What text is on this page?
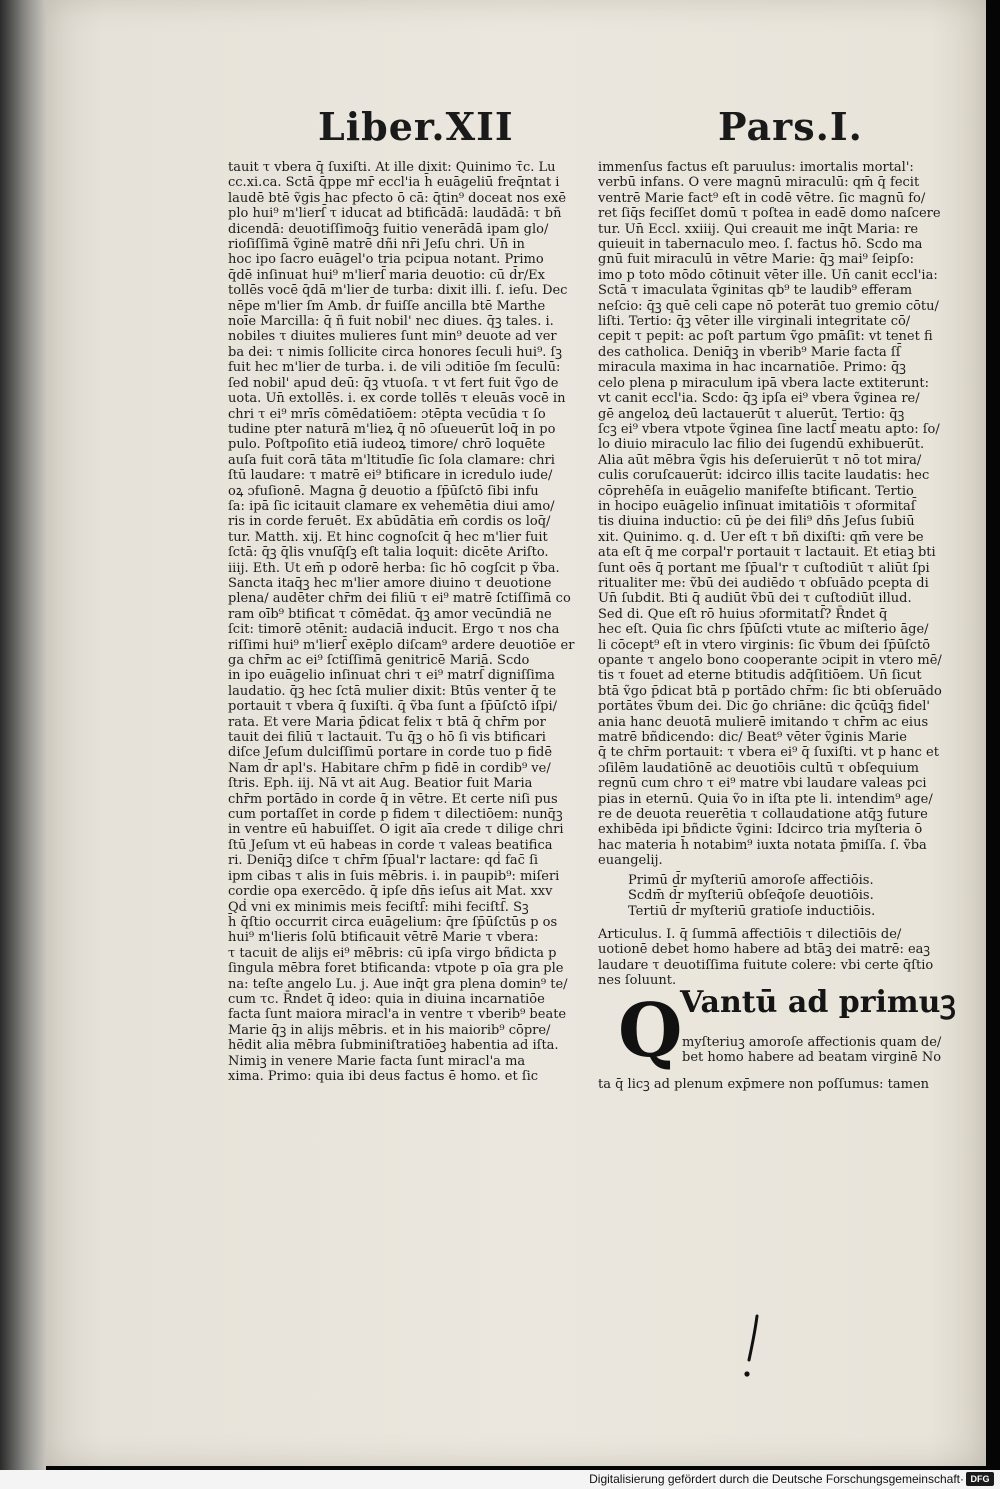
Liber.XII	Pars.I.

tauit τ vbera q̄ ſuxiſti. At ille dixit: Quinimo τ̄c. Lu

cc.xi.ca. Sctā q̄ppe mr̄ eccl'ia h̄ euāgeliū freq̄ntat i

laudē btē ṽgis hac pfecto ō cā: q̄tin⁹ doceat nos exē

plo hui⁹ m'lierſ̄ τ iducat ad btificādā: laudādā: τ bñ

dicendā: deuotiſſimoq̄ꝫ fuitio venerādā ipam glo/

rioſiſſimā ṽginē matrē dñi nr̄i Jeſu chri. Un̄ in

hoc ipo ſacro euāgel'o tria pcipua notant. Primo

q̄dē inſinuat hui⁹ m'lierſ̄ maria deuotio: cū d̄r/Ex

tollēs vocē q̄dā m'lier de turba: dixit illi. ſ. ieſu. Dec

nēpe m'lier ſm Amb. d̄r fuiſſe ancilla btē Marthe

noīe Marcilla: q̄ ñ fuit nobil' nec diues. q̄ꝫ tales. i.

nobiles τ diuites mulieres ſunt min⁹ deuote ad ver

ba dei: τ nimis ſollicite circa honores ſeculi hui⁹. ſꝫ

fuit hec m'lier de turba. i. de vili ɔditiōe ſm ſeculū:

ſed nobil' apud deū: q̄ꝫ vtuoſa. τ vt fert fuit ṽgo de

uota. Un̄ extollēs. i. ex corde tollēs τ eleuās vocē in

chri τ ei⁹ mrīs cōmēdatiōem: ɔtēpta vecūdia τ ſo

tudine pter naturā m'lieꝝ q̄ nō ɔſueuerūt loq̄ in po

pulo. Poſtpoſito etiā iudeoꝝ timore/ chrō loquēte

auſa fuit corā tāta m'ltitudīe ſic ſola clamare: chri

ſtū laudare: τ matrē ei⁹ btificare in icredulo iude/

oꝝ ɔfuſionē. Magna ḡ deuotio a ſp̄ūſctō ſibi infu

ſa: ipā ſic icitauit clamare ex vehemētia diui amo/

ris in corde feruēt. Ex abūdātia em̄ cordis os loq̄/

tur. Matth. xij. Et hinc cognoſcit q̄ hec m'lier fuit

ſctā: q̄ꝫ q̄lis vnuſq̄ſꝫ eſt talia loquit: dicēte Ariſto.

iiij. Eth. Ut em̄ p odorē herba: ſic hō cogſcit p ṽba.

Sancta itaq̄ꝫ hec m'lier amore diuino τ deuotione

plena/ audēter chr̄m dei filiū τ ei⁹ matrē ſctiſſimā co

ram oīb⁹ btificat τ cōmēdat. q̄ꝫ amor vecūndiā ne

ſcit: timorē ɔtēnit: audaciā inducit. Ergo τ nos cha

riſſimi hui⁹ m'lierſ̄ exēplo diſcam⁹ ardere deuotiōe er

ga chr̄m ac ei⁹ ſctiſſimā genitricē Mariā. Scdo

in ipo euāgelio inſinuat chri τ ei⁹ matrſ̄ digniſſima

laudatio. q̄ꝫ hec ſctā mulier dixit: Btūs venter q̄ te

portauit τ vbera q̄ ſuxiſti. q̄ ṽba ſunt a ſp̄ūſctō iſpi/

rata. Et vere Maria p̄dicat felix τ btā q̄ chr̄m por

tauit dei filiū τ lactauit. Tu q̄ꝫ o hō ſi vis btificari

diſce Jeſum dulciſſimū portare in corde tuo p fidē

Nam d̄r apl's. Habitare chr̄m p fidē in cordib⁹ ve/

ſtris. Eph. iij. Nā vt ait Aug. Beatior fuit Maria

chr̄m portādo in corde q̄ in vētre. Et certe niſi pus

cum portaſſet in corde p fidem τ dilectiōem: nunq̄ꝫ

in ventre eū habuiſſet. O igit aīa crede τ dilige chri

ſtū Jeſum vt eū habeas in corde τ valeas beatifica

ri. Deniq̄ꝫ diſce τ chr̄m ſp̄ual'r lactare: qḋ fac̄ ſi

ipm cibas τ alis in ſuis mēbris. i. in paupib⁹: miſeri

cordie opa exercēdo. q̄ ipſe dn̄s ieſus ait Mat. xxv

Qḋ vni ex minimis meis feciſtſ̄: mihi feciſtſ̄. Sꝫ

h̄ q̄ſtio occurrit circa euāgelium: q̄re ſp̄ūſctūs p os

hui⁹ m'lieris ſolū btificauit vētrē Marie τ vbera:

τ tacuit de alijs ei⁹ mēbris: cū ipſa virgo bñdicta p

ſingula mēbra foret btificanda: vtpote p oīa gra ple

na: teſte angelo Lu. j. Aue inq̄t gra plena domin⁹ te/

cum τc. R̄ndet q̄ ideo: quia in diuina incarnatiōe

facta ſunt maiora miracl'a in ventre τ vberib⁹ beate

Marie q̄ꝫ in alijs mēbris. et in his maiorib⁹ cōpre/

hēdit alia mēbra ſubminiſtratiōeꝫ habentia ad iſta.

Nimiꝫ in venere Marie facta ſunt miracl'a ma

xima. Primo: quia ibi deus factus ē homo. et ſic

immenſus factus eſt paruulus: imortalis mortal':

verbū infans. O vere magnū miraculū: qm̄ q̄ fecit

ventrē Marie fact⁹ eſt in codē vētre. ſic magnū fo/

ret ſiq̄s feciſſet domū τ poſtea in eadē domo naſcere

tur. Un̄ Eccl. xxiiij. Qui creauit me inq̄t Maria: re

quieuit in tabernaculo meo. ſ. factus hō. Scdo ma

gnū fuit miraculū in vētre Marie: q̄ꝫ mai⁹ ſeipſo:

imo p toto mōdo cōtinuit vēter ille. Un̄ canit eccl'ia:

Sctā τ imaculata ṽginitas qb⁹ te laudib⁹ efferam

neſcio: q̄ꝫ quē celi cape nō poterāt tuo gremio cōtu/

liſti. Tertio: q̄ꝫ vēter ille virginali integritate cō/

cepit τ pepit: ac poſt partum ṽgo pmāſit: vt tenet fi

des catholica. Deniq̄ꝫ in vberib⁹ Marie facta ſſ̄

miracula maxima in hac incarnatiōe. Primo: q̄ꝫ

celo plena p miraculum ipā vbera lacte extiterunt:

vt canit eccl'ia. Scdo: q̄ꝫ ipſa ei⁹ vbera ṽginea re/

gē angeloꝝ deū lactauerūt τ aluerūt. Tertio: q̄ꝫ

ſcꝫ ei⁹ vbera vtpote ṽginea ſine lactſ̄ meatu apto: ſo/

lo diuio miraculo lac filio dei ſugendū exhibuerūt.

Alia aūt mēbra ṽgis his deſeruierūt τ nō tot mira/

culis coruſcauerūt: idcirco illis tacite laudatis: hec

cōprehēſa in euāgelio manifeſte btificant. Tertio

in hocipo euāgelio inſinuat imitatiōis τ ɔformitaſ̄

tis diuina inductio: cū ṗe dei fili⁹ dn̄s Jeſus ſubiū

xit. Quinimo. q. d. Uer eſt τ bñ dixiſti: qm̄ vere be

ata eſt q̄ me corpal'r portauit τ lactauit. Et etiaꝫ bti

ſunt oēs q̄ portant me ſp̄ual'r τ cuſtodiūt τ aliūt ſpi

ritualiter me: ṽbū dei audiēdo τ obſuādo pcepta di

Un̄ ſubdit. Bti q̄ audiūt ṽbū dei τ cuſtodiūt illud.

Sed di. Que eſt rō huius ɔformitatſ̄? R̄ndet q̄

hec eſt. Quia ſic chrs ſp̄ūſcti vtute ac miſterio āge/

li cōcept⁹ eſt in vtero virginis: ſic ṽbum dei ſp̄ūſctō

opante τ angelo bono cooperante ɔcipit in vtero mē/

tis τ fouet ad eterne btitudis adq̄ſitiōem. Un̄ ſicut

btā ṽgo p̄dicat btā p portādo chr̄m: ſic bti obſeruādo

portātes ṽbum dei. Dic ḡo chriāne: dic q̄cūq̄ꝫ fidel'

ania hanc deuotā mulierē imitando τ chr̄m ac eius

matrē bñdicendo: dic/ Beat⁹ vēter ṽginis Marie

q̄ te chr̄m portauit: τ vbera ei⁹ q̄ ſuxiſti. vt p hanc et

ɔſilēm laudatiōnē ac deuotiōis cultū τ obſequium

regnū cum chro τ ei⁹ matre vbi laudare valeas pci

pias in eternū. Quia ṽo in iſta pte li. intendim⁹ age/

re de deuota reuerētia τ collaudatione atq̄ꝫ future

exhibēda ipi bñdicte ṽgini: Idcirco tria myſteria ō

hac materia h̄ notabim⁹ iuxta notata p̄miſſa. ſ. ṽba

euangelij.

Primū d̄r myſteriū amoroſe affectiōis.

Scdm̄ d̄r myſteriū obſeq̄oſe deuotiōis.

Tertiū d̄r myſteriū gratioſe inductiōis.

Articulus. I. q̄ ſummā affectiōis τ dilectiōis de/

uotionē debet homo habere ad btāꝫ dei matrē: eaꝫ

laudare τ deuotiſſima fuitute colere: vbi certe q̄ſtio

nes ſoluunt.

Q
Vantū ad primuꝫ

myſteriuꝫ amoroſe affectionis quam de/

bet homo habere ad beatam virginē No

ta q̄ licꝫ ad plenum exp̄mere non poſſumus: tamen

Digitalisierung gefördert durch die Deutsche Forschungsgemeinschaft · DFG
